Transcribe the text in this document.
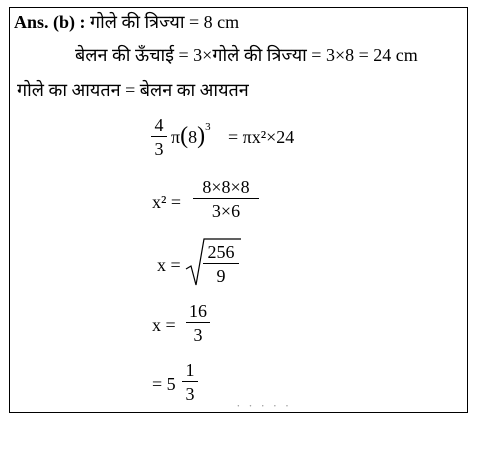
Ans. (b) : गोले की त्रिज्या = 8 cm
बेलन की ऊँचाई = 3×गोले की त्रिज्या = 3×8 = 24 cm
गोले का आयतन = बेलन का आयतन
$\frac{4}{3} \pi(8)^3 = \pi x^2\times 24$
$x^2 = \frac{8\times 8\times 8}{3\times 6}$
$x = \frac{256}{9}$
$x = \frac{16}{3}$
= $5 \frac{1}{3}$
˙ ˙ ˙ ˙ ˙
